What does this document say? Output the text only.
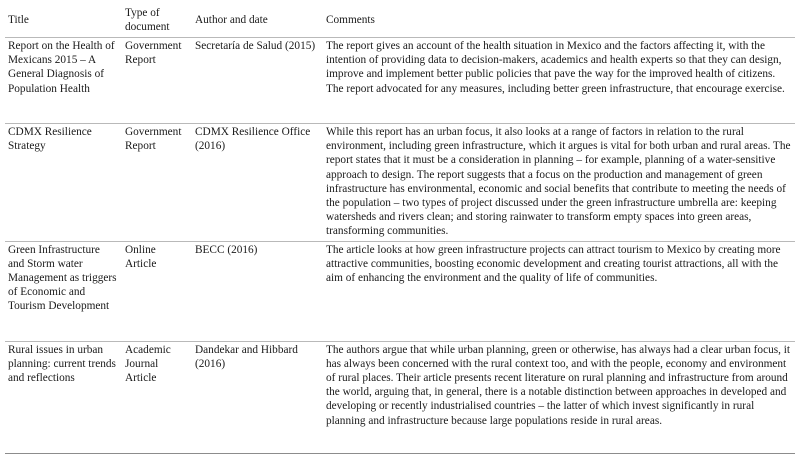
Title	Type of document	Author and date	Comments
Report on the Health of Mexicans 2015 – A General Diagnosis of Population Health	Government Report	Secretaría de Salud (2015)	The report gives an account of the health situation in Mexico and the factors affecting it, with the intention of providing data to decision-makers, academics and health experts so that they can design, improve and implement better public policies that pave the way for the improved health of citizens. The report advocated for any measures, including better green infrastructure, that encourage exercise.
CDMX Resilience Strategy	Government Report	CDMX Resilience Office (2016)	While this report has an urban focus, it also looks at a range of factors in relation to the rural environment, including green infrastructure, which it argues is vital for both urban and rural areas. The report states that it must be a consideration in planning – for example, planning of a water-sensitive approach to design. The report suggests that a focus on the production and management of green infrastructure has environmental, economic and social benefits that contribute to meeting the needs of the population – two types of project discussed under the green infrastructure umbrella are: keeping watersheds and rivers clean; and storing rainwater to transform empty spaces into green areas, transforming communities.
Green Infrastructure and Storm water Management as triggers of Economic and Tourism Development	Online Article	BECC (2016)	The article looks at how green infrastructure projects can attract tourism to Mexico by creating more attractive communities, boosting economic development and creating tourist attractions, all with the aim of enhancing the environment and the quality of life of communities.
Rural issues in urban planning: current trends and reflections	Academic Journal Article	Dandekar and Hibbard (2016)	The authors argue that while urban planning, green or otherwise, has always had a clear urban focus, it has always been concerned with the rural context too, and with the people, economy and environment of rural places. Their article presents recent literature on rural planning and infrastructure from around the world, arguing that, in general, there is a notable distinction between approaches in developed and developing or recently industrialised countries – the latter of which invest significantly in rural planning and infrastructure because large populations reside in rural areas.
